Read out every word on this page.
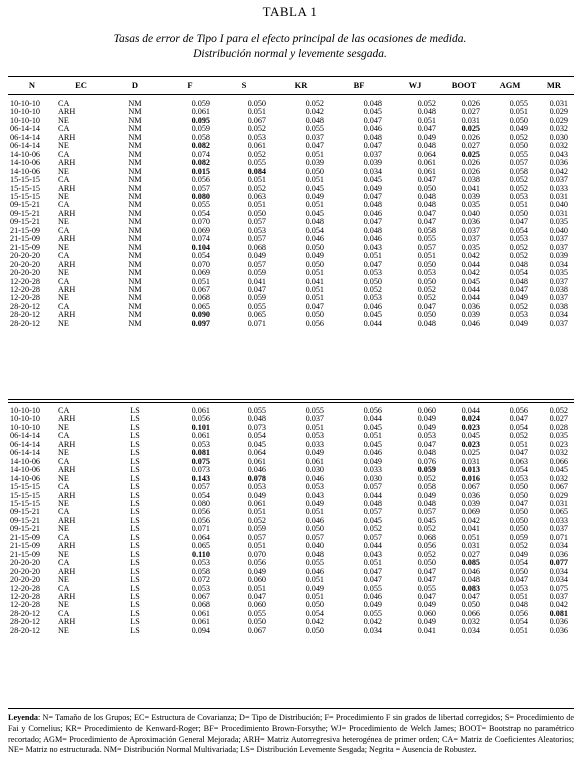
TABLA 1
Tasas de error de Tipo I para el efecto principal de las ocasiones de medida.
Distribución normal y levemente sesgada.
N	EC	D	F	S	KR	BF	WJ	BOOT	AGM	MR
10-10-10	CA	NM	0.059	0.050	0.052	0.048	0.052	0.026	0.055	0.031
10-10-10	ARH	NM	0.061	0.051	0.042	0.045	0.048	0.027	0.051	0.029
10-10-10	NE	NM	0.095	0.067	0.048	0.047	0.051	0.031	0.050	0.029
06-14-14	CA	NM	0.059	0.052	0.055	0.046	0.047	0.025	0.049	0.032
06-14-14	ARH	NM	0.058	0.053	0.037	0.048	0.049	0.026	0.052	0.030
06-14-14	NE	NM	0.082	0.061	0.047	0.047	0.048	0.027	0.050	0.032
14-10-06	CA	NM	0.074	0.052	0.051	0.037	0.064	0.025	0.055	0.043
14-10-06	ARH	NM	0.082	0.055	0.039	0.039	0.061	0.026	0.057	0.036
14-10-06	NE	NM	0.015	0.084	0.050	0.034	0.061	0.026	0.058	0.042
15-15-15	CA	NM	0.056	0.051	0.051	0.045	0.047	0.038	0.052	0.037
15-15-15	ARH	NM	0.057	0.052	0.045	0.049	0.050	0.041	0.052	0.033
15-15-15	NE	NM	0.080	0.063	0.049	0.047	0.048	0.039	0.053	0.031
09-15-21	CA	NM	0.055	0.051	0.051	0.048	0.048	0.035	0.051	0.040
09-15-21	ARH	NM	0.054	0.050	0.045	0.046	0.047	0.040	0.050	0.031
09-15-21	NE	NM	0.070	0.057	0.048	0.047	0.047	0.036	0.047	0.035
21-15-09	CA	NM	0.069	0.053	0.054	0.048	0.058	0.037	0.054	0.040
21-15-09	ARH	NM	0.074	0.057	0.046	0.046	0.055	0.037	0.053	0.037
21-15-09	NE	NM	0.104	0.068	0.050	0.043	0.057	0.035	0.052	0.037
20-20-20	CA	NM	0.054	0.049	0.049	0.051	0.051	0.042	0.052	0.039
20-20-20	ARH	NM	0.070	0.057	0.050	0.047	0.050	0.044	0.048	0.034
20-20-20	NE	NM	0.069	0.059	0.051	0.053	0.053	0.042	0.054	0.035
12-20-28	CA	NM	0.051	0.041	0.041	0.050	0.050	0.045	0.048	0.037
12-20-28	ARH	NM	0.067	0.047	0.051	0.052	0.052	0.044	0.047	0.038
12-20-28	NE	NM	0.068	0.059	0.051	0.053	0.052	0.044	0.049	0.037
28-20-12	CA	NM	0.065	0.055	0.047	0.046	0.047	0.036	0.052	0.038
28-20-12	ARH	NM	0.090	0.065	0.050	0.045	0.050	0.039	0.053	0.034
28-20-12	NE	NM	0.097	0.071	0.056	0.044	0.048	0.046	0.049	0.037
10-10-10	CA	LS	0.061	0.055	0.055	0.056	0.060	0.044	0.056	0.052
10-10-10	ARH	LS	0.056	0.048	0.037	0.044	0.049	0.024	0.047	0.027
10-10-10	NE	LS	0.101	0.073	0.051	0.045	0.049	0.023	0.054	0.028
06-14-14	CA	LS	0.061	0.054	0.053	0.051	0.053	0.045	0.052	0.035
06-14-14	ARH	LS	0.053	0.045	0.033	0.045	0.047	0.023	0.051	0.023
06-14-14	NE	LS	0.081	0.064	0.049	0.046	0.048	0.025	0.047	0.032
14-10-06	CA	LS	0.075	0.061	0.061	0.049	0.076	0.031	0.063	0.066
14-10-06	ARH	LS	0.073	0.046	0.030	0.033	0.059	0.013	0.054	0.045
14-10-06	NE	LS	0.143	0.078	0.046	0.030	0.052	0.016	0.053	0.032
15-15-15	CA	LS	0.057	0.053	0.053	0.057	0.058	0.067	0.050	0.067
15-15-15	ARH	LS	0.054	0.049	0.043	0.044	0.049	0.036	0.050	0.029
15-15-15	NE	LS	0.080	0.061	0.049	0.048	0.048	0.039	0.047	0.031
09-15-21	CA	LS	0.056	0.051	0.051	0.057	0.057	0.069	0.050	0.065
09-15-21	ARH	LS	0.056	0.052	0.046	0.045	0.045	0.042	0.050	0.033
09-15-21	NE	LS	0.071	0.059	0.050	0.052	0.052	0.041	0.050	0.037
21-15-09	CA	LS	0.064	0.057	0.057	0.057	0.068	0.051	0.059	0.071
21-15-09	ARH	LS	0.065	0.051	0.040	0.044	0.056	0.031	0.052	0.034
21-15-09	NE	LS	0.110	0.070	0.048	0.043	0.052	0.027	0.049	0.036
20-20-20	CA	LS	0.053	0.056	0.055	0.051	0.050	0.085	0.054	0.077
20-20-20	ARH	LS	0.058	0.049	0.046	0.047	0.047	0.046	0.050	0.034
20-20-20	NE	LS	0.072	0.060	0.051	0.047	0.047	0.048	0.047	0.034
12-20-28	CA	LS	0.053	0.051	0.049	0.055	0.055	0.083	0.053	0.075
12-20-28	ARH	LS	0.067	0.047	0.051	0.046	0.047	0.047	0.051	0.037
12-20-28	NE	LS	0.068	0.060	0.050	0.049	0.049	0.050	0.048	0.042
28-20-12	CA	LS	0.061	0.055	0.054	0.055	0.060	0.066	0.056	0.081
28-20-12	ARH	LS	0.061	0.050	0.042	0.042	0.049	0.032	0.054	0.036
28-20-12	NE	LS	0.094	0.067	0.050	0.034	0.041	0.034	0.051	0.036
Leyenda: N= Tamaño de los Grupos; EC= Estructura de Covarianza; D= Tipo de Distribución; F= Procedimiento F sin grados de libertad corregidos; S= Procedimiento de Fai y Cornelius; KR= Procedimiento de Kenward-Roger; BF= Procedimiento Brown-Forsythe; WJ= Procedimiento de Welch James; BOOT= Bootstrap no paramétrico recortado; AGM= Procedimiento de Aproximación General Mejorada; ARH= Matriz Autorregresiva heterogénea de primer orden; CA= Matriz de Coeficientes Aleatorios; NE= Matriz no estructurada. NM= Distribución Normal Multivariada; LS= Distribución Levemente Sesgada; Negrita = Ausencia de Robustez.
